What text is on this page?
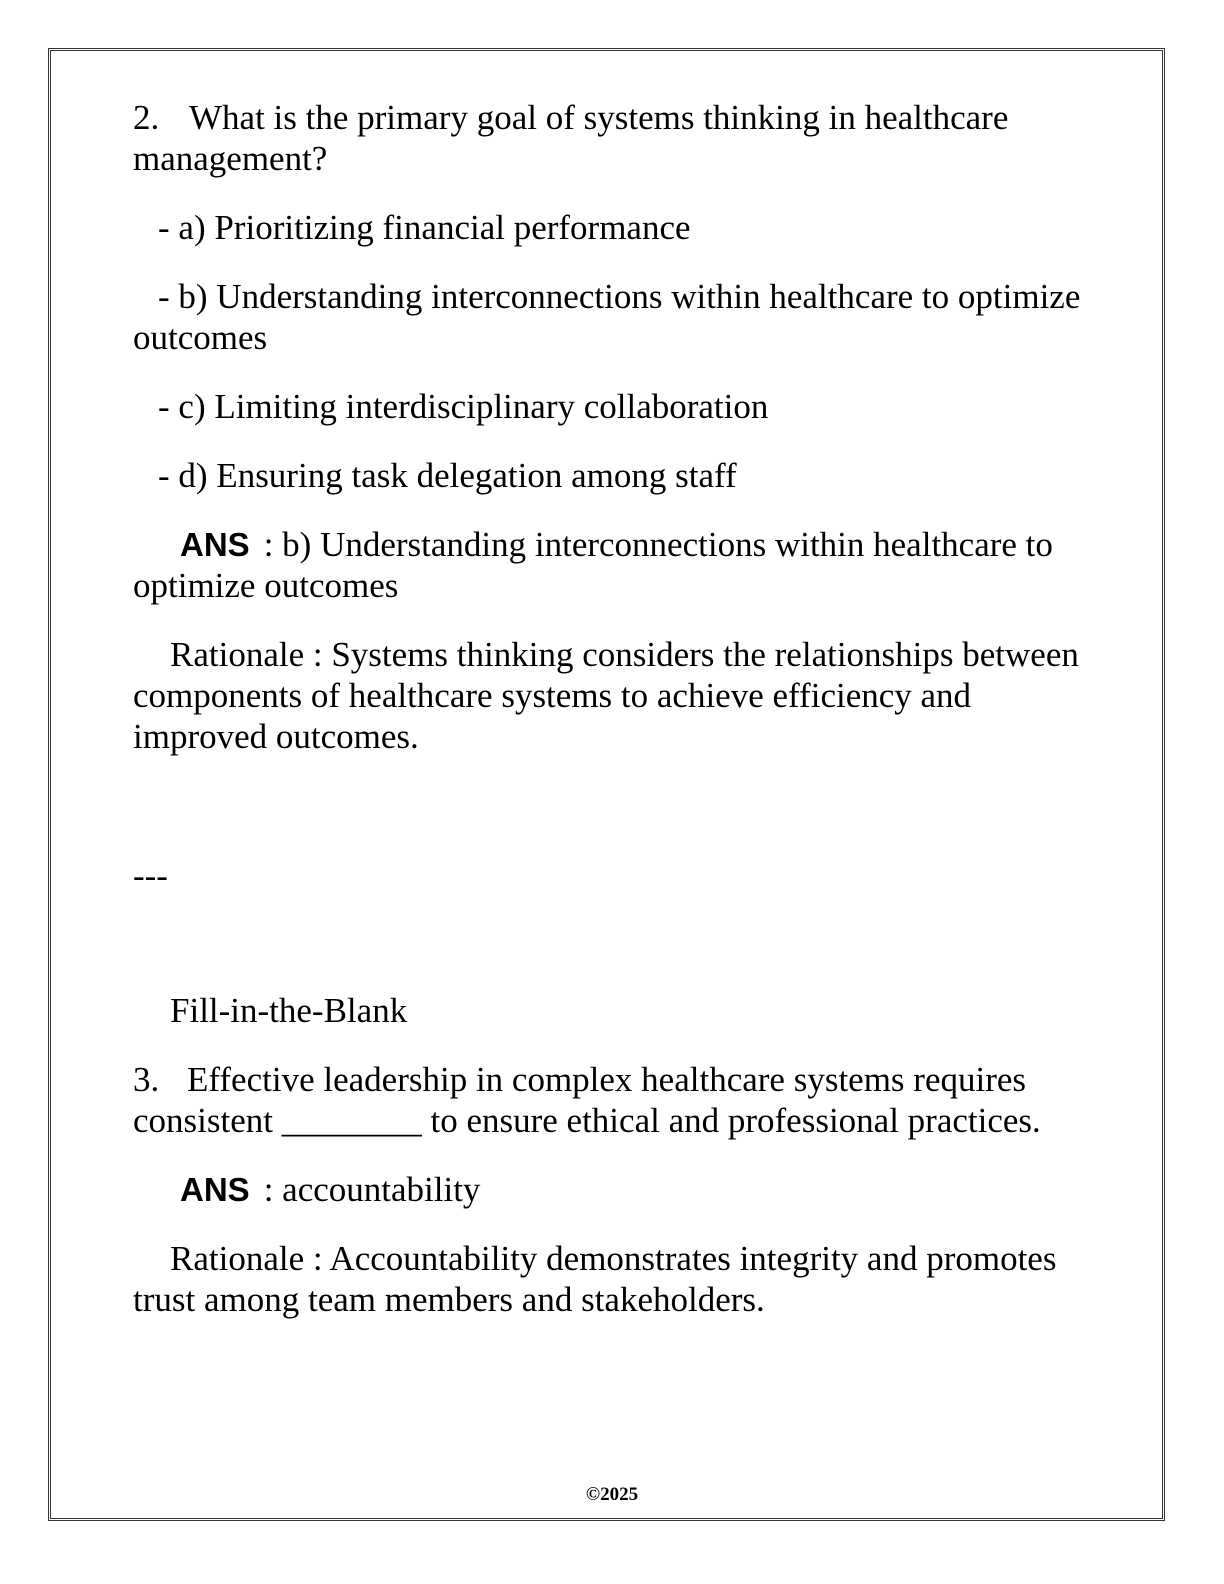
2. What is the primary goal of systems thinking in healthcare management?

- a) Prioritizing financial performance

- b) Understanding interconnections within healthcare to optimize outcomes

- c) Limiting interdisciplinary collaboration

- d) Ensuring task delegation among staff

ANS : b) Understanding interconnections within healthcare to optimize outcomes

Rationale : Systems thinking considers the relationships between components of healthcare systems to achieve efficiency and improved outcomes.

---

Fill-in-the-Blank

3. Effective leadership in complex healthcare systems requires consistent ________ to ensure ethical and professional practices.

ANS : accountability

Rationale : Accountability demonstrates integrity and promotes trust among team members and stakeholders.

©2025
